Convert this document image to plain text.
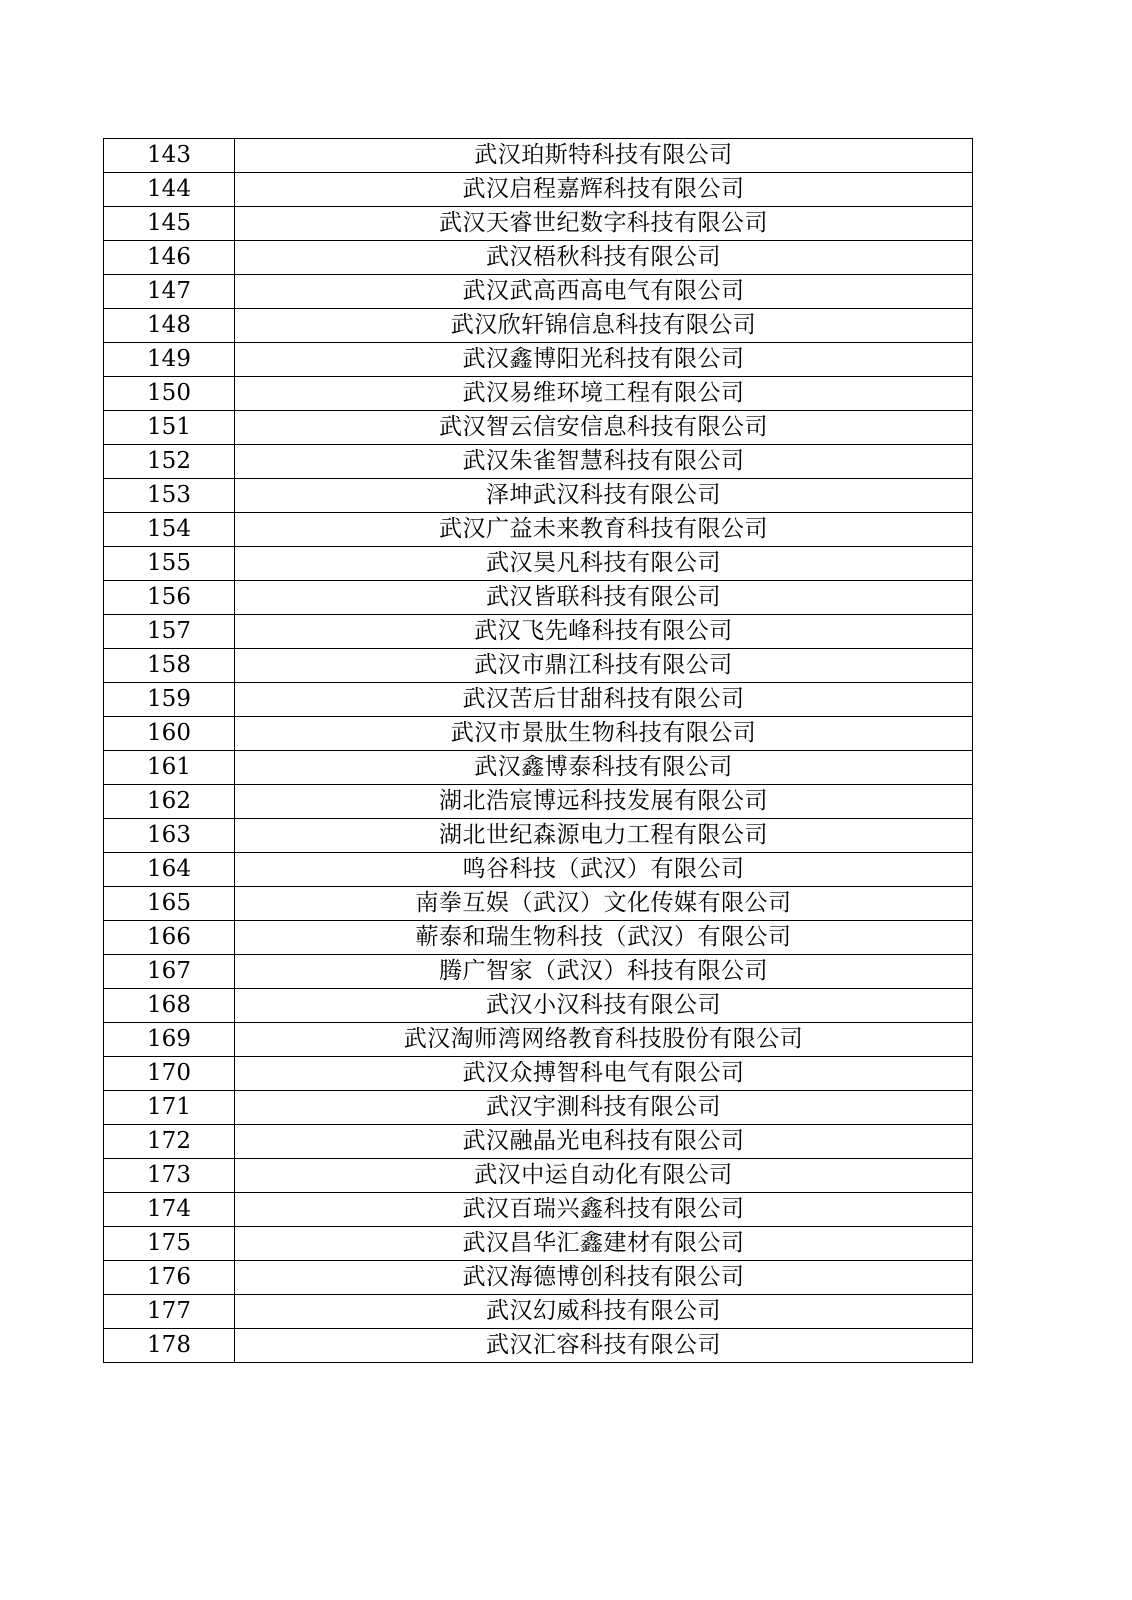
143	武汉珀斯特科技有限公司
144	武汉启程嘉辉科技有限公司
145	武汉天睿世纪数字科技有限公司
146	武汉梧秋科技有限公司
147	武汉武高西高电气有限公司
148	武汉欣轩锦信息科技有限公司
149	武汉鑫博阳光科技有限公司
150	武汉易维环境工程有限公司
151	武汉智云信安信息科技有限公司
152	武汉朱雀智慧科技有限公司
153	泽坤武汉科技有限公司
154	武汉广益未来教育科技有限公司
155	武汉昊凡科技有限公司
156	武汉皆联科技有限公司
157	武汉飞先峰科技有限公司
158	武汉市鼎江科技有限公司
159	武汉苦后甘甜科技有限公司
160	武汉市景肽生物科技有限公司
161	武汉鑫博泰科技有限公司
162	湖北浩宸博远科技发展有限公司
163	湖北世纪森源电力工程有限公司
164	鸣谷科技（武汉）有限公司
165	南拳互娱（武汉）文化传媒有限公司
166	蕲泰和瑞生物科技（武汉）有限公司
167	腾广智家（武汉）科技有限公司
168	武汉小汉科技有限公司
169	武汉淘师湾网络教育科技股份有限公司
170	武汉众搏智科电气有限公司
171	武汉宇測科技有限公司
172	武汉融晶光电科技有限公司
173	武汉中运自动化有限公司
174	武汉百瑞兴鑫科技有限公司
175	武汉昌华汇鑫建材有限公司
176	武汉海德博创科技有限公司
177	武汉幻威科技有限公司
178	武汉汇容科技有限公司
